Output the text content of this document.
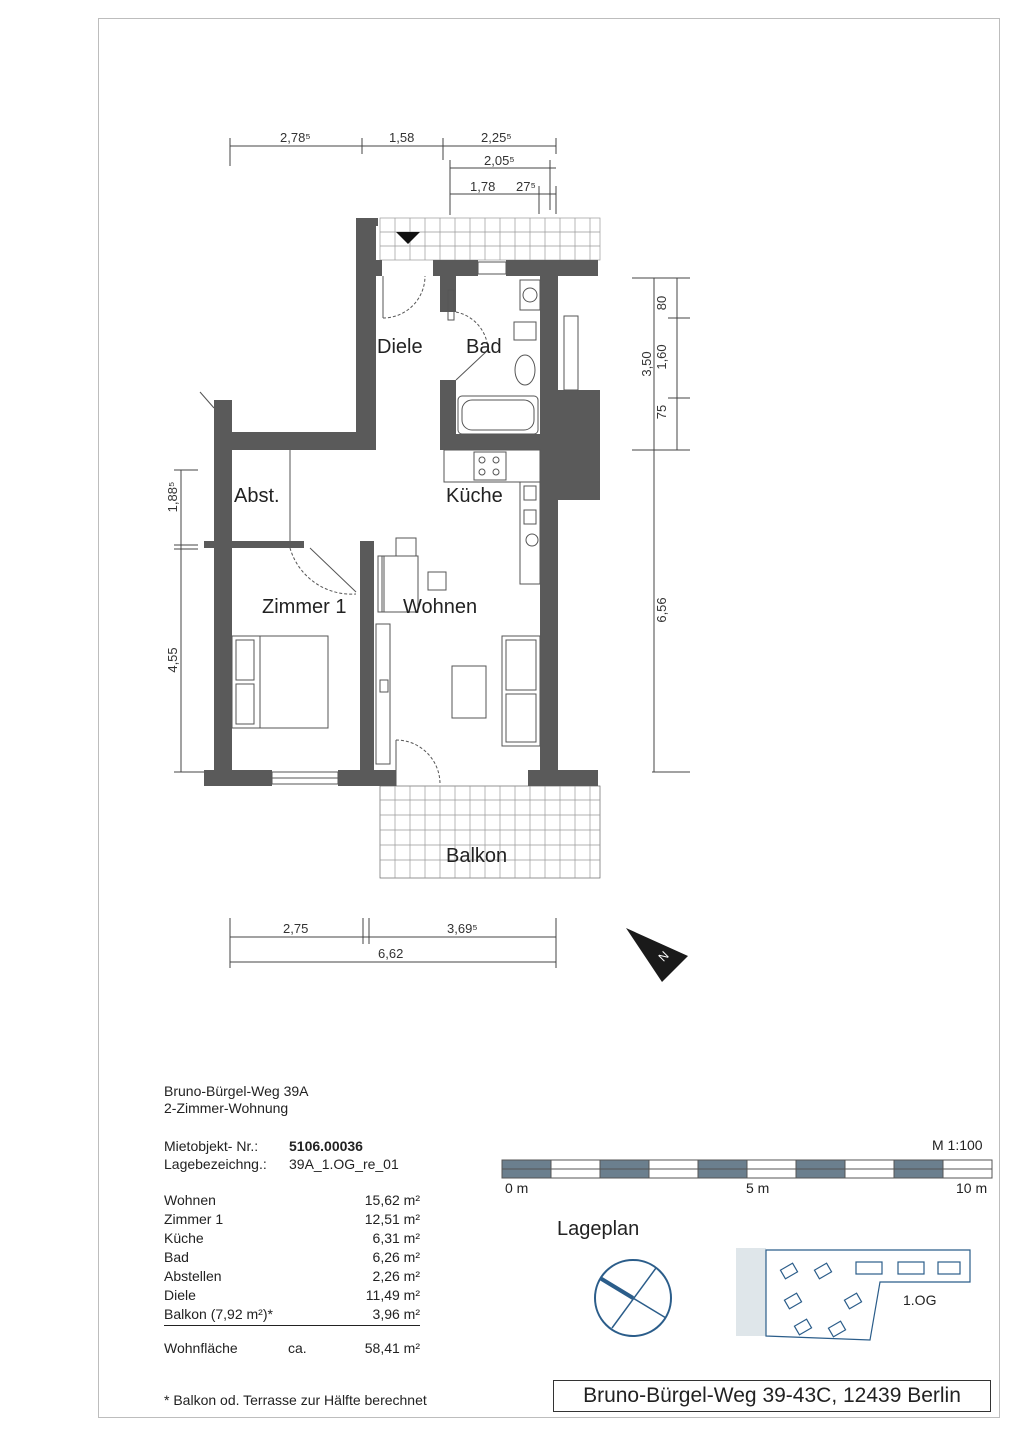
2,78⁵	1,58	2,25⁵
2,05⁵
1,78 27⁵
80
3,50 1,60
75
6,56
1,88⁵
4,55
2,75	3,69⁵
6,62
Diele Bad
Abst.	Küche
Zimmer 1	Wohnen
Balkon
N
Bruno-Bürgel-Weg 39A
2-Zimmer-Wohnung
Mietobjekt- Nr.: 5106.00036
Lagebezeichng.: 39A_1.OG_re_01
Wohnen	15,62 m²
Zimmer 1	12,51 m²
Küche	6,31 m²
Bad	6,26 m²
Abstellen	2,26 m²
Diele	11,49 m²
Balkon (7,92 m²)*	3,96 m²
Wohnfläche	ca.	58,41 m²
* Balkon od. Terrasse zur Hälfte berechnet
M 1:100
0 m	5 m	10 m
Lageplan
1.OG
Bruno-Bürgel-Weg 39-43C, 12439 Berlin
